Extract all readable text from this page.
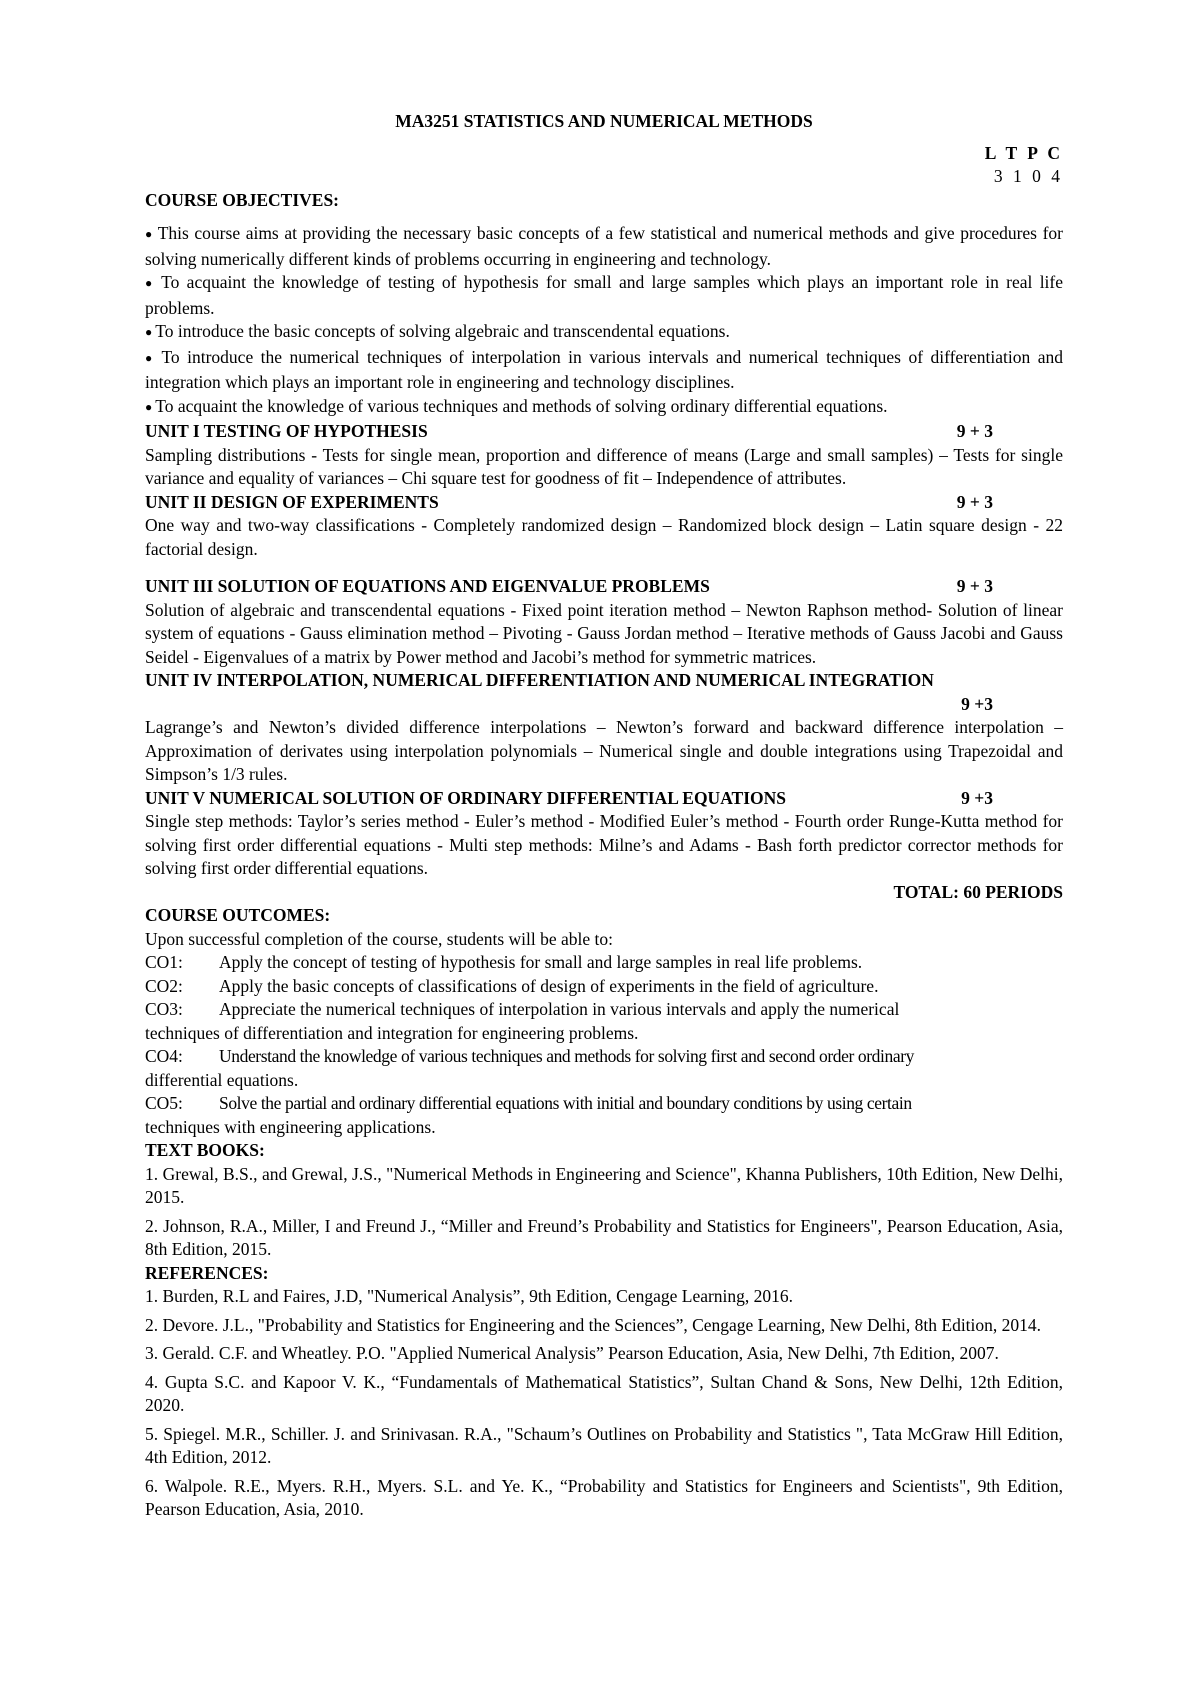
MA3251 STATISTICS AND NUMERICAL METHODS
L T P C
3 1 0 4
COURSE OBJECTIVES:

● This course aims at providing the necessary basic concepts of a few statistical and numerical methods and give procedures for solving numerically different kinds of problems occurring in engineering and technology.

● To acquaint the knowledge of testing of hypothesis for small and large samples which plays an important role in real life problems.

● To introduce the basic concepts of solving algebraic and transcendental equations.

● To introduce the numerical techniques of interpolation in various intervals and numerical techniques of differentiation and integration which plays an important role in engineering and technology disciplines.

● To acquaint the knowledge of various techniques and methods of solving ordinary differential equations.

UNIT I TESTING OF HYPOTHESIS	9 + 3

Sampling distributions - Tests for single mean, proportion and difference of means (Large and small samples) – Tests for single variance and equality of variances – Chi square test for goodness of fit – Independence of attributes.

UNIT II DESIGN OF EXPERIMENTS	9 + 3

One way and two-way classifications - Completely randomized design – Randomized block design – Latin square design - 22 factorial design.

UNIT III SOLUTION OF EQUATIONS AND EIGENVALUE PROBLEMS	9 + 3

Solution of algebraic and transcendental equations - Fixed point iteration method – Newton Raphson method- Solution of linear system of equations - Gauss elimination method – Pivoting - Gauss Jordan method – Iterative methods of Gauss Jacobi and Gauss Seidel - Eigenvalues of a matrix by Power method and Jacobi’s method for symmetric matrices.

UNIT IV INTERPOLATION, NUMERICAL DIFFERENTIATION AND NUMERICAL INTEGRATION
9 +3

Lagrange’s and Newton’s divided difference interpolations – Newton’s forward and backward difference interpolation – Approximation of derivates using interpolation polynomials – Numerical single and double integrations using Trapezoidal and Simpson’s 1/3 rules.

UNIT V NUMERICAL SOLUTION OF ORDINARY DIFFERENTIAL EQUATIONS	9 +3

Single step methods: Taylor’s series method - Euler’s method - Modified Euler’s method - Fourth order Runge-Kutta method for solving first order differential equations - Multi step methods: Milne’s and Adams - Bash forth predictor corrector methods for solving first order differential equations.

TOTAL: 60 PERIODS
COURSE OUTCOMES:

Upon successful completion of the course, students will be able to:

CO1:	Apply the concept of testing of hypothesis for small and large samples in real life problems.
CO2:	Apply the basic concepts of classifications of design of experiments in the field of agriculture.
CO3:	Appreciate the numerical techniques of interpolation in various intervals and apply the numerical
techniques of differentiation and integration for engineering problems.
CO4:	Understand the knowledge of various techniques and methods for solving first and second order ordinary
differential equations.
CO5:	Solve the partial and ordinary differential equations with initial and boundary conditions by using certain
techniques with engineering applications.
TEXT BOOKS:

1. Grewal, B.S., and Grewal, J.S., "Numerical Methods in Engineering and Science", Khanna Publishers, 10th Edition, New Delhi, 2015.

2. Johnson, R.A., Miller, I and Freund J., “Miller and Freund’s Probability and Statistics for Engineers", Pearson Education, Asia, 8th Edition, 2015.

REFERENCES:

1. Burden, R.L and Faires, J.D, "Numerical Analysis”, 9th Edition, Cengage Learning, 2016.

2. Devore. J.L., "Probability and Statistics for Engineering and the Sciences”, Cengage Learning, New Delhi, 8th Edition, 2014.

3. Gerald. C.F. and Wheatley. P.O. "Applied Numerical Analysis” Pearson Education, Asia, New Delhi, 7th Edition, 2007.

4. Gupta S.C. and Kapoor V. K., “Fundamentals of Mathematical Statistics”, Sultan Chand & Sons, New Delhi, 12th Edition, 2020.

5. Spiegel. M.R., Schiller. J. and Srinivasan. R.A., "Schaum’s Outlines on Probability and Statistics ", Tata McGraw Hill Edition, 4th Edition, 2012.

6. Walpole. R.E., Myers. R.H., Myers. S.L. and Ye. K., “Probability and Statistics for Engineers and Scientists", 9th Edition, Pearson Education, Asia, 2010.
